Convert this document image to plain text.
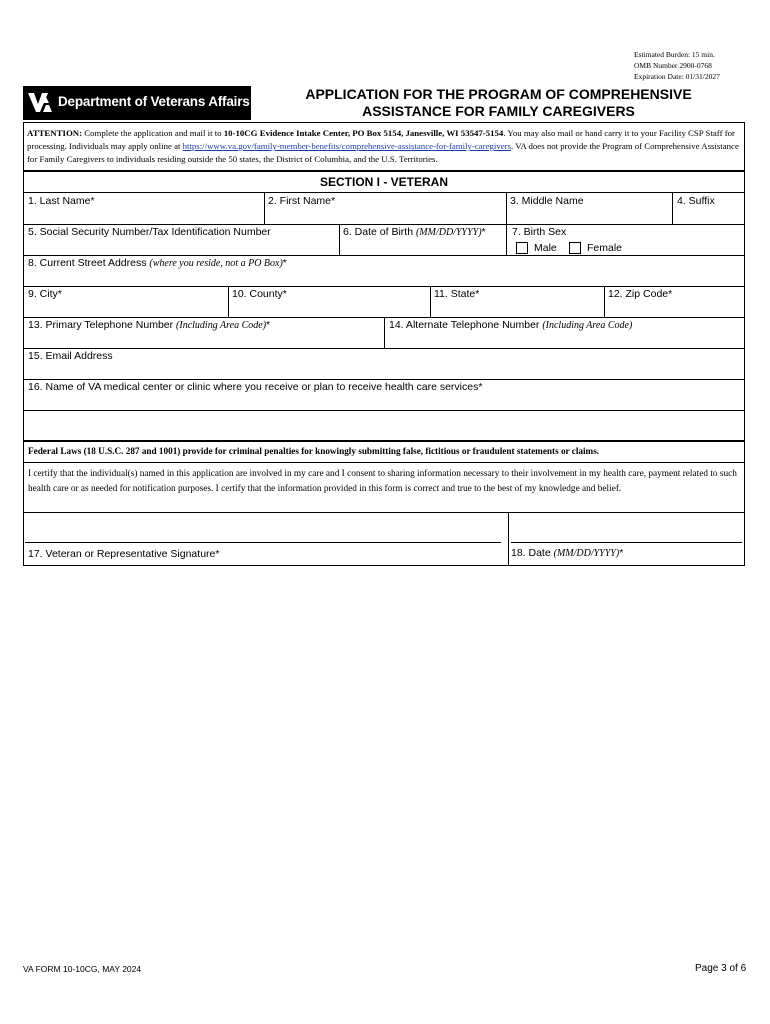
Estimated Burden: 15 min.
OMB Number 2900-0768
Expiration Date: 01/31/2027
Department of Veterans Affairs	APPLICATION FOR THE PROGRAM OF COMPREHENSIVE
ASSISTANCE FOR FAMILY CAREGIVERS
ATTENTION: Complete the application and mail it to 10-10CG Evidence Intake Center, PO Box 5154, Janesville, WI 53547-5154. You may also mail or hand carry it to your Facility CSP Staff for processing. Individuals may apply online at https://www.va.gov/family-member-benefits/comprehensive-assistance-for-family-caregivers. VA does not provide the Program of Comprehensive Assistance for Family Caregivers to individuals residing outside the 50 states, the District of Columbia, and the U.S. Territories.
SECTION I - VETERAN
1. Last Name*	2. First Name*	3. Middle Name	4. Suffix
5. Social Security Number/Tax Identification Number	6. Date of Birth (MM/DD/YYYY)*	7. Birth Sex
Male	Female
8. Current Street Address (where you reside, not a PO Box)*
9. City*	10. County*	11. State*	12. Zip Code*
13. Primary Telephone Number (Including Area Code)*	14. Alternate Telephone Number (Including Area Code)
15. Email Address
16. Name of VA medical center or clinic where you receive or plan to receive health care services*
Federal Laws (18 U.S.C. 287 and 1001) provide for criminal penalties for knowingly submitting false, fictitious or fraudulent statements or claims.
I certify that the individual(s) named in this application are involved in my care and I consent to sharing information necessary to their involvement in my health care, payment related to such health care or as needed for notification purposes. I certify that the information provided in this form is correct and true to the best of my knowledge and belief.
17. Veteran or Representative Signature*	18. Date (MM/DD/YYYY)*
VA FORM 10-10CG, MAY 2024	Page 3 of 6
